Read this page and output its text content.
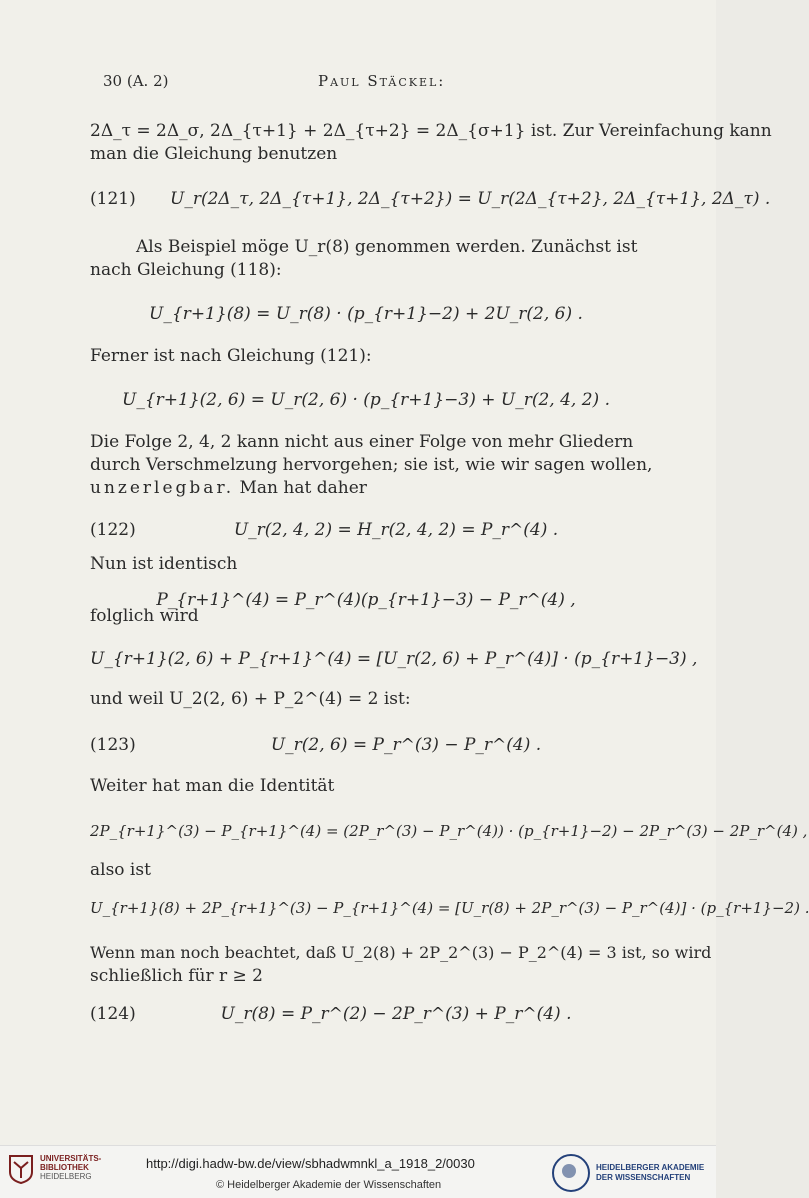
30 (A. 2)	Paul Stäckel:
2Δ_τ = 2Δ_σ, 2Δ_{τ+1} + 2Δ_{τ+2} = 2Δ_{σ+1} ist. Zur Vereinfachung kann
man die Gleichung benutzen
(121) U_r(2Δ_τ, 2Δ_{τ+1}, 2Δ_{τ+2}) = U_r(2Δ_{τ+2}, 2Δ_{τ+1}, 2Δ_τ) .
Als Beispiel möge U_r(8) genommen werden. Zunächst ist
nach Gleichung (118):
U_{r+1}(8) = U_r(8) · (p_{r+1}−2) + 2U_r(2, 6) .
Ferner ist nach Gleichung (121):
U_{r+1}(2, 6) = U_r(2, 6) · (p_{r+1}−3) + U_r(2, 4, 2) .
Die Folge 2, 4, 2 kann nicht aus einer Folge von mehr Gliedern
durch Verschmelzung hervorgehen; sie ist, wie wir sagen wollen,
unzerlegbar. Man hat daher
(122)	U_r(2, 4, 2) = H_r(2, 4, 2) = P_r^(4) .
Nun ist identisch
P_{r+1}^(4) = P_r^(4)(p_{r+1}−3) − P_r^(4) ,
folglich wird
U_{r+1}(2, 6) + P_{r+1}^(4) = [U_r(2, 6) + P_r^(4)] · (p_{r+1}−3) ,
und weil U_2(2, 6) + P_2^(4) = 2 ist:
(123)	U_r(2, 6) = P_r^(3) − P_r^(4) .
Weiter hat man die Identität
2P_{r+1}^(3) − P_{r+1}^(4) = (2P_r^(3) − P_r^(4)) · (p_{r+1}−2) − 2P_r^(3) − 2P_r^(4) ,
also ist
U_{r+1}(8) + 2P_{r+1}^(3) − P_{r+1}^(4) = [U_r(8) + 2P_r^(3) − P_r^(4)] · (p_{r+1}−2) .
Wenn man noch beachtet, daß U_2(8) + 2P_2^(3) − P_2^(4) = 3 ist, so wird
schließlich für r ≥ 2
(124)	U_r(8) = P_r^(2) − 2P_r^(3) + P_r^(4) .
UNIVERSITÄTS-
BIBLIOTHEK
HEIDELBERG
http://digi.hadw-bw.de/view/sbhadwmnkl_a_1918_2/0030
© Heidelberger Akademie der Wissenschaften
HEIDELBERGER AKADEMIE
DER WISSENSCHAFTEN
